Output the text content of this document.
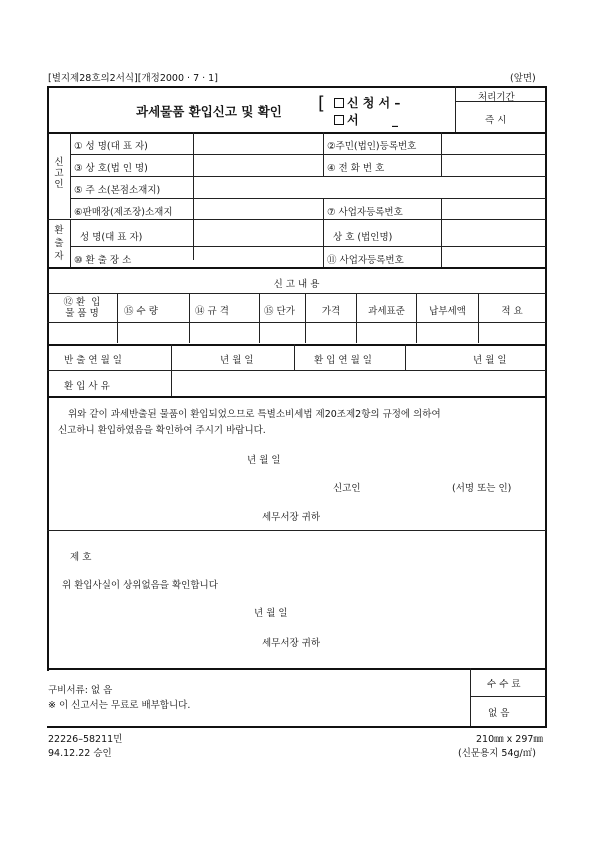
[별지제28호의2서식][개정2000 · 7 · 1]	(앞면)
과세물품 환입신고 및 확인 [	신 청 서 –
서	_
처리기간
즉 시
신
고
인
① 성 명(대 표 자)	②주민(법인)등록번호
③ 상 호(법 인 명)	④ 전 화 번 호
⑤ 주 소(본점소재지)
⑥판매장(제조장)소재지	⑦ 사업자등록번호
환
출
자
성 명(대 표 자)	상 호 (법인명)
⑩ 환 출 장 소	⑪ 사업자등록번호
신 고 내 용
⑫ 환  입
물 품 명	⑮ 수 량	⑭ 규 격	⑮ 단가	가격	과세표준	납부세액	적 요
반 출 연 월 일	년 월 일	환 입 연 월 일	년 월 일
환 입 사 유
위와 같이 과세반출된 물품이 환입되었으므로 특별소비세법 제20조제2항의 규정에 의하여
신고하니 환입하였음을 확인하여 주시기 바랍니다.
년 월 일
신고인	(서명 또는 인)
세무서장 귀하
제 호
위 환입사실이 상위없음을 확인합니다
년 월 일
세무서장 귀하
수 수 료
없 음
구비서류: 없 음
※ 이 신고서는 무료로 배부합니다.
22226–58211민
94.12.22 승인
210㎜ x 297㎜
(신문용지 54g/㎡)
